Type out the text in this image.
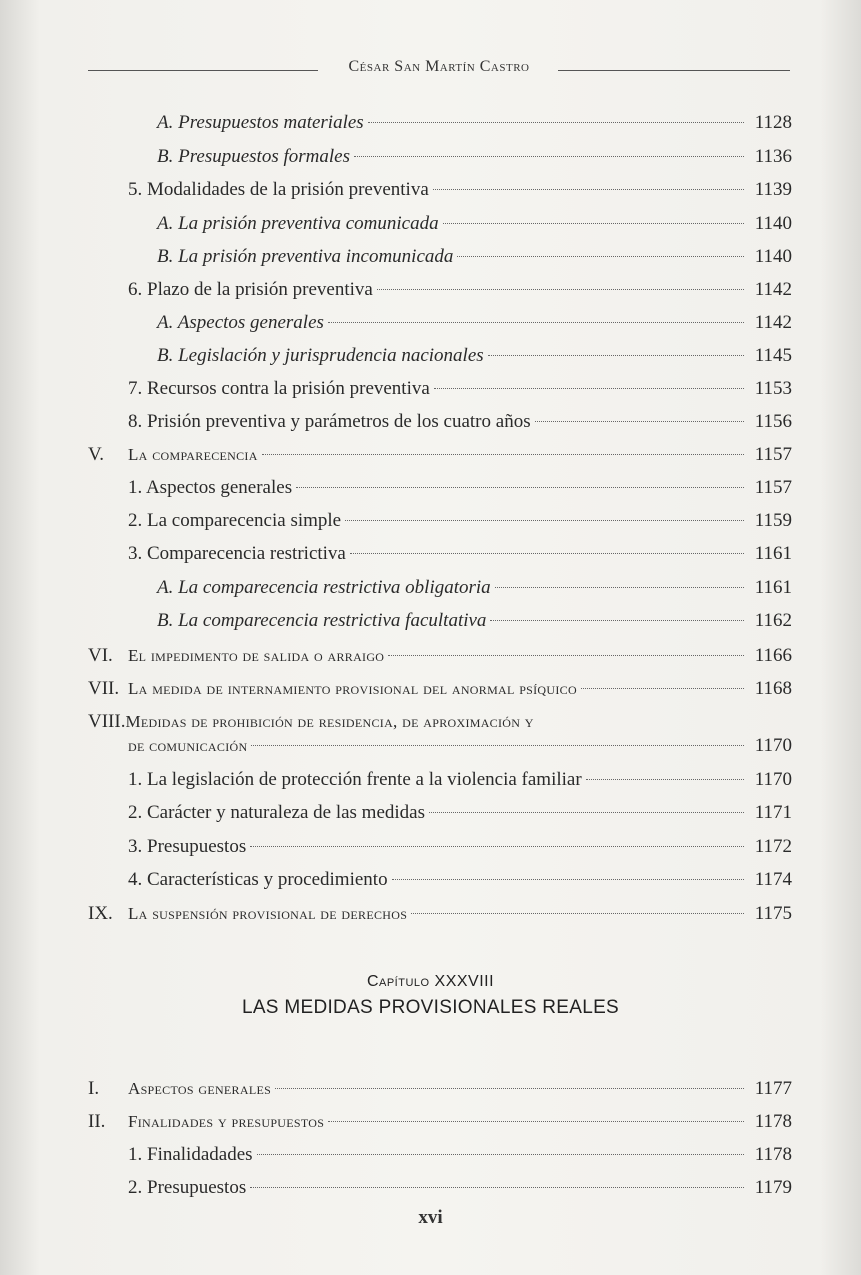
César San Martín Castro
A. Presupuestos materiales	1128
B. Presupuestos formales	1136
5. Modalidades de la prisión preventiva	1139
A. La prisión preventiva comunicada	1140
B. La prisión preventiva incomunicada	1140
6. Plazo de la prisión preventiva	1142
A. Aspectos generales	1142
B. Legislación y jurisprudencia nacionales	1145
7. Recursos contra la prisión preventiva	1153
8. Prisión preventiva y parámetros de los cuatro años	1156
V.	La comparecencia	1157
1. Aspectos generales	1157
2. La comparecencia simple	1159
3. Comparecencia restrictiva	1161
A. La comparecencia restrictiva obligatoria	1161
B. La comparecencia restrictiva facultativa	1162
VI. El impedimento de salida o arraigo	1166
VII. La medida de internamiento provisional del anormal psíquico	1168
VIII. Medidas de prohibición de residencia, de aproximación y
de comunicación	1170
1. La legislación de protección frente a la violencia familiar	1170
2. Carácter y naturaleza de las medidas	1171
3. Presupuestos	1172
4. Características y procedimiento	1174
IX. La suspensión provisional de derechos	1175
Capítulo XXXVIII
LAS MEDIDAS PROVISIONALES REALES
I.	Aspectos generales	1177
II.	Finalidades y presupuestos	1178
1. Finalidadades	1178
2. Presupuestos	1179
xvi
